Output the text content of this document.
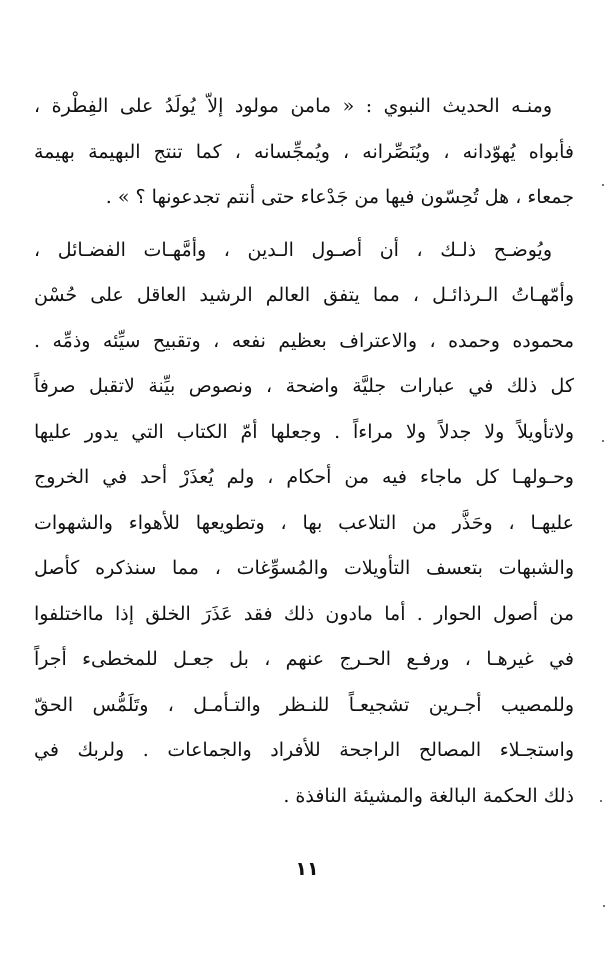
ومنـه الحديث النبوي : « مامن مولود إلاّ يُولَدُ على الفِطْرة ،
فأبواه يُهوّدانه ، ويُنَصِّرانه ، ويُمجِّسانه ، كما تنتج البهيمة بهيمة
جمعاء ، هل تُحِسّون فيها من جَدْعاء حتى أنتم تجدعونها ؟ » .

ويُوضـح ذلـك ، أن أصـول الـدين ، وأمَّهـات الفضـائل ،
وأمّهـاتُ الـرذائـل ، مما يتفق العالم الرشيد العاقل على حُسْن
محموده وحمده ، والاعتراف بعظيم نفعه ، وتقبيح سيِّئه وذمِّه .
كل ذلك في عبارات جليَّة واضحة ، ونصوص بيِّنة لاتقبل صرفاً
ولاتأويلاً ولا جدلاً ولا مراءاً . وجعلها أمّ الكتاب التي يدور عليها
وحـولهـا كل ماجاء فيه من أحكام ، ولم يُعذَرْ أحد في الخروج
عليهـا ، وحَذَّر من التلاعب بها ، وتطويعها للأهواء والشهوات
والشبهات بتعسف التأويلات والمُسوِّغات ، مما سنذكره كأصل
من أصول الحوار . أما مادون ذلك فقد عَذَرَ الخلق إذا مااختلفوا
في غيرهـا ، ورفـع الحـرج عنهم ، بل جعـل للمخطىء أجراً
وللمصيب أجـرين تشجيعـاً للنـظر والتـأمـل ، وتَلَمُّس الحقّ
واستجـلاء المصالح الراجحة للأفراد والجماعات . ولربك في
ذلك الحكمة البالغة والمشيئة النافذة .

١١
